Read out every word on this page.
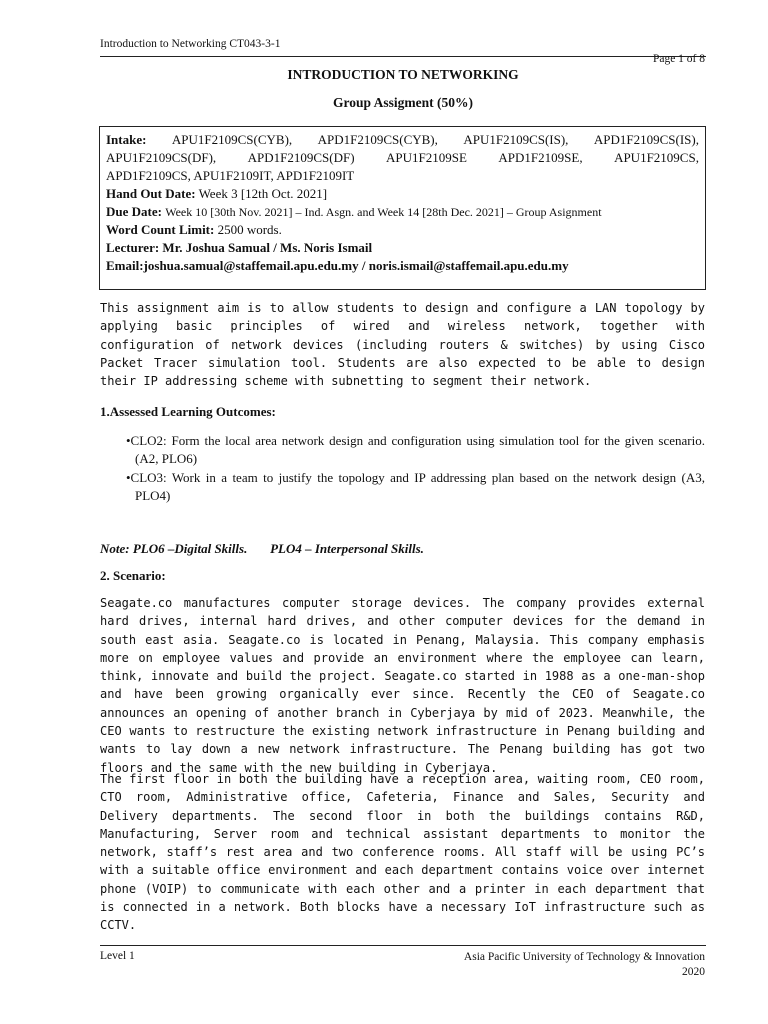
Introduction to Networking CT043-3-1
Page 1 of 8
INTRODUCTION TO NETWORKING
Group Assigment (50%)
Intake: APU1F2109CS(CYB), APD1F2109CS(CYB), APU1F2109CS(IS), APD1F2109CS(IS),
APU1F2109CS(DF), APD1F2109CS(DF) APU1F2109SE APD1F2109SE, APU1F2109CS,
APD1F2109CS, APU1F2109IT, APD1F2109IT
Hand Out Date: Week 3 [12th Oct. 2021]
Due Date: Week 10 [30th Nov. 2021] – Ind. Asgn. and Week 14 [28th Dec. 2021] – Group Asignment
Word Count Limit: 2500 words.
Lecturer: Mr. Joshua Samual / Ms. Noris Ismail
Email:joshua.samual@staffemail.apu.edu.my / noris.ismail@staffemail.apu.edu.my
This assignment aim is to allow students to design and configure a LAN topology by applying basic principles of wired and wireless network, together with configuration of network devices (including routers & switches) by using Cisco Packet Tracer simulation tool. Students are also expected to be able to design their IP addressing scheme with subnetting to segment their network.
1.Assessed Learning Outcomes:
•CLO2: Form the local area network design and configuration using simulation tool for the given scenario. (A2, PLO6)
•CLO3: Work in a team to justify the topology and IP addressing plan based on the network design (A3, PLO4)
Note: PLO6 –Digital Skills.       PLO4 – Interpersonal Skills.
2. Scenario:
Seagate.co manufactures computer storage devices. The company provides external hard drives, internal hard drives, and other computer devices for the demand in south east asia. Seagate.co is located in Penang, Malaysia. This company emphasis more on employee values and provide an environment where the employee can learn, think, innovate and build the project. Seagate.co started in 1988 as a one-man-shop and have been growing organically ever since. Recently the CEO of Seagate.co announces an opening of another branch in Cyberjaya by mid of 2023. Meanwhile, the CEO wants to restructure the existing network infrastructure in Penang building and wants to lay down a new network infrastructure. The Penang building has got two floors and the same with the new building in Cyberjaya.
The first floor in both the building have a reception area, waiting room, CEO room, CTO room, Administrative office, Cafeteria, Finance and Sales, Security and Delivery departments. The second floor in both the buildings contains R&D, Manufacturing, Server room and technical assistant departments to monitor the network, staff’s rest area and two conference rooms. All staff will be using PC’s with a suitable office environment and each department contains voice over internet phone (VOIP) to communicate with each other and a printer in each department that is connected in a network. Both blocks have a necessary IoT infrastructure such as CCTV.
Level 1	Asia Pacific University of Technology & Innovation
2020
